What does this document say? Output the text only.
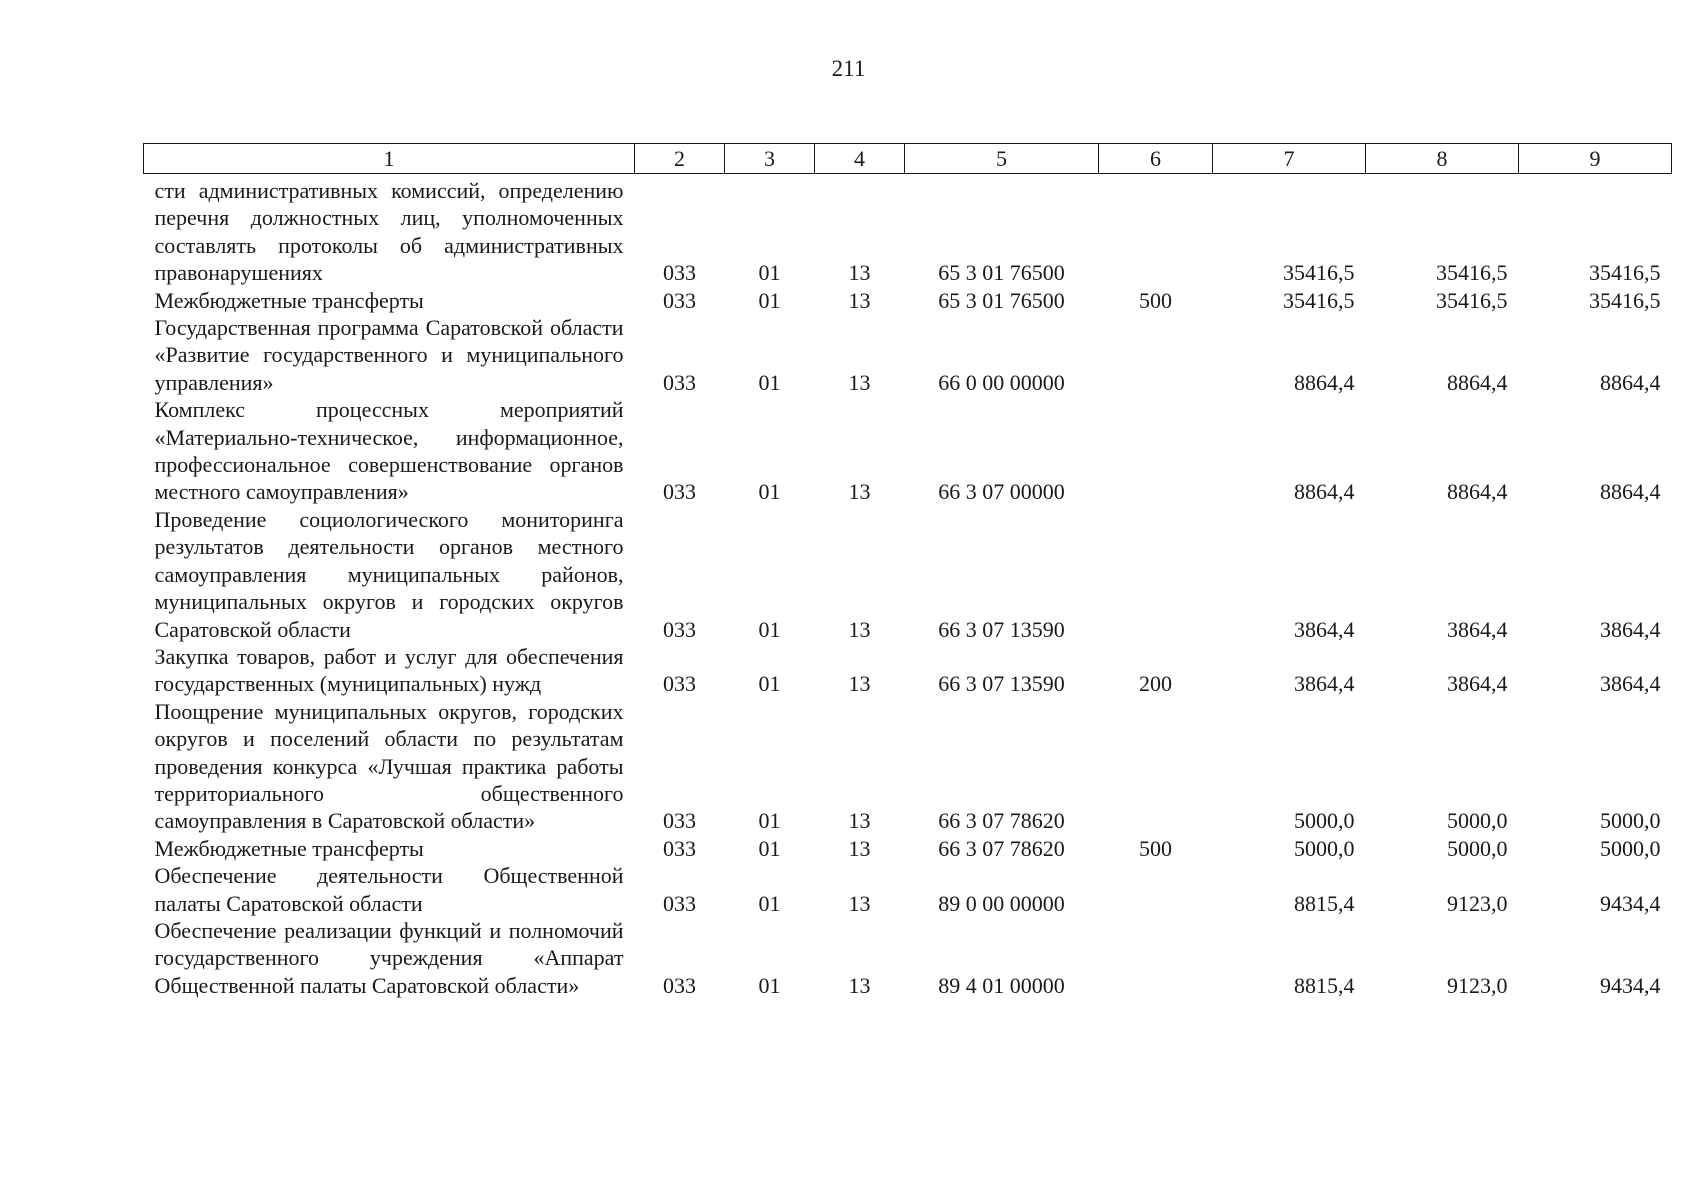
211
1	2	3	4	5	6	7	8	9
сти административных комиссий, определению перечня должностных лиц, уполномоченных составлять протоколы об административных правонарушениях	033	01	13	65 3 01 76500		35416,5	35416,5	35416,5
Межбюджетные трансферты	033	01	13	65 3 01 76500	500	35416,5	35416,5	35416,5
Государственная программа Саратовской области «Развитие государственного и муниципального управления»	033	01	13	66 0 00 00000		8864,4	8864,4	8864,4
Комплекс процессных мероприятий «Материально-техническое, информационное, профессиональное совершенствование органов местного самоуправления»	033	01	13	66 3 07 00000		8864,4	8864,4	8864,4
Проведение социологического мониторинга результатов деятельности органов местного самоуправления муниципальных районов, муниципальных округов и городских округов Саратовской области	033	01	13	66 3 07 13590		3864,4	3864,4	3864,4
Закупка товаров, работ и услуг для обеспечения государственных (муниципальных) нужд	033	01	13	66 3 07 13590	200	3864,4	3864,4	3864,4
Поощрение муниципальных округов, городских округов и поселений области по результатам проведения конкурса «Лучшая практика работы территориального общественного самоуправления в Саратовской области»	033	01	13	66 3 07 78620		5000,0	5000,0	5000,0
Межбюджетные трансферты	033	01	13	66 3 07 78620	500	5000,0	5000,0	5000,0
Обеспечение деятельности Общественной палаты Саратовской области	033	01	13	89 0 00 00000		8815,4	9123,0	9434,4
Обеспечение реализации функций и полномочий государственного учреждения «Аппарат Общественной палаты Саратовской области»	033	01	13	89 4 01 00000		8815,4	9123,0	9434,4
